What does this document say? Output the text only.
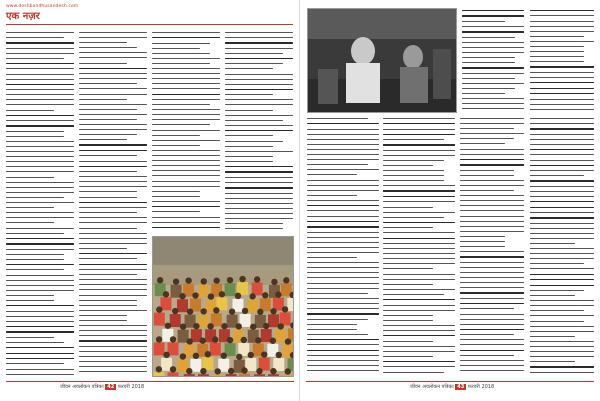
www.deshbandhusandesh.com
एक नज़र
जीवन अवलोकन पत्रिका 42 फरवरी 2018	जीवन अवलोकन पत्रिका 43 फरवरी 2018
